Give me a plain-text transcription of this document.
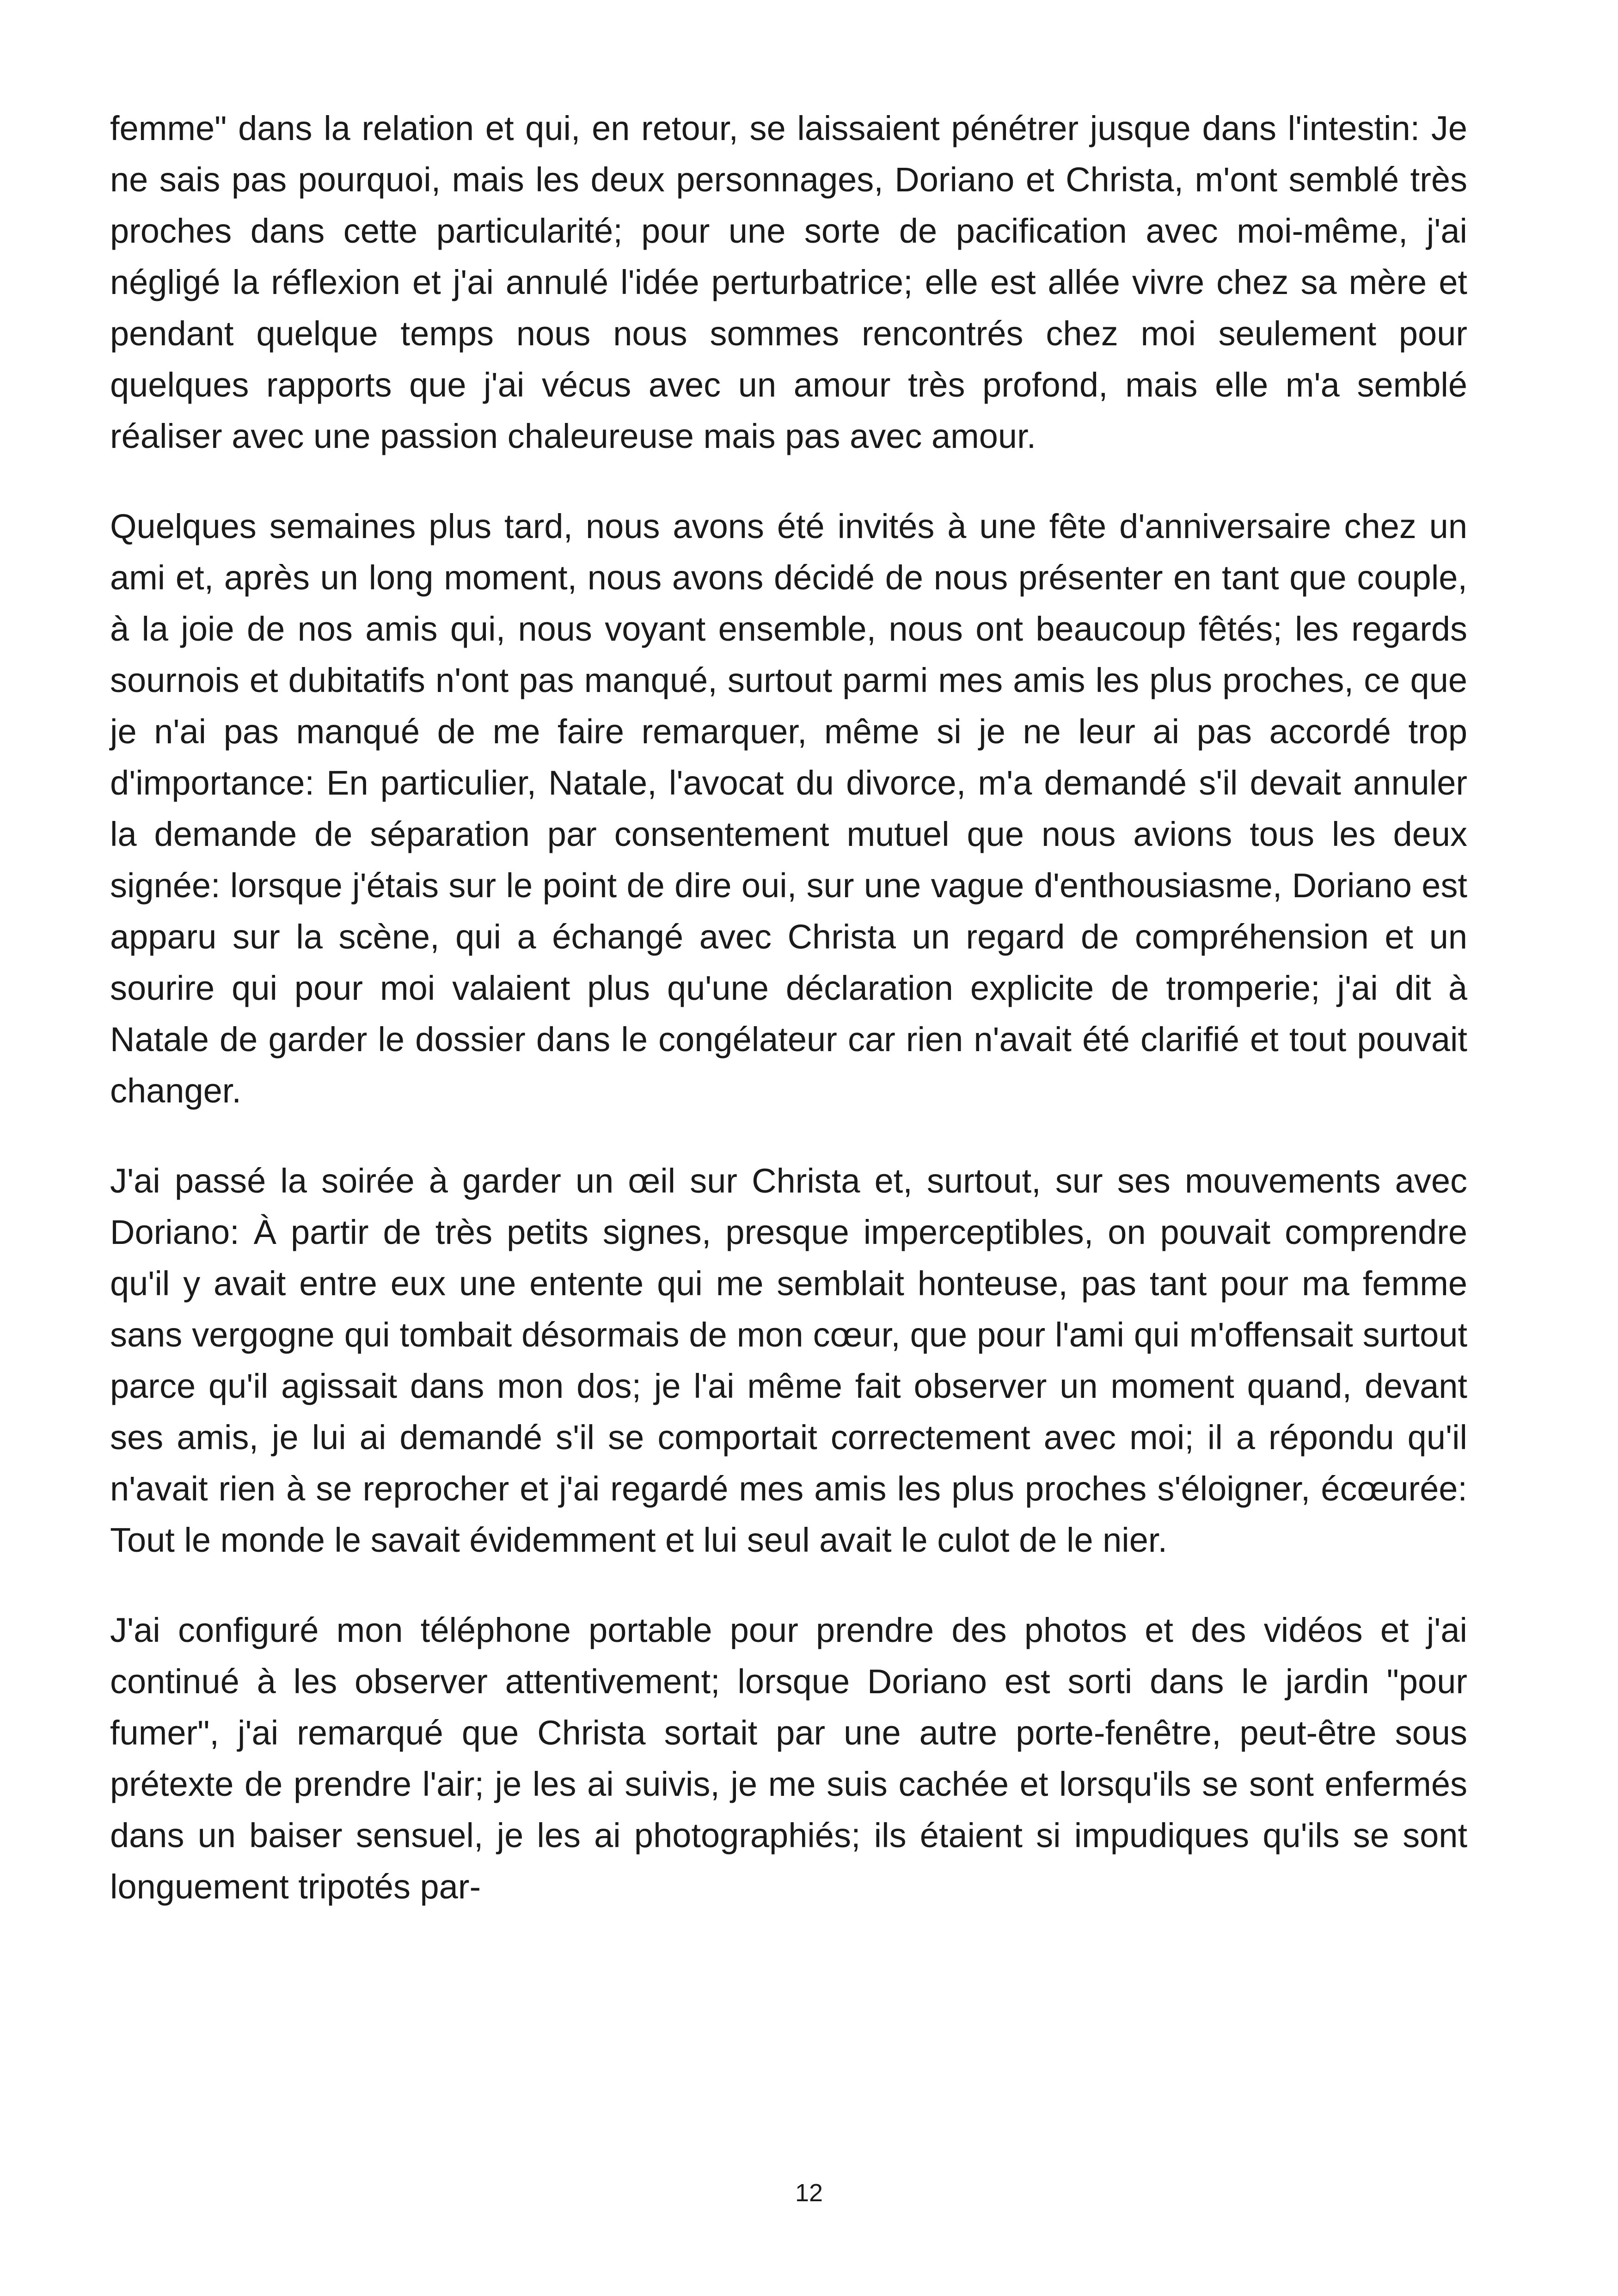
femme" dans la relation et qui, en retour, se laissaient pénétrer jusque dans l'intestin: Je ne sais pas pourquoi, mais les deux personnages, Doriano et Christa, m'ont semblé très proches dans cette particularité; pour une sorte de pacification avec moi-même, j'ai négligé la réflexion et j'ai annulé l'idée perturbatrice; elle est allée vivre chez sa mère et pendant quelque temps nous nous sommes rencontrés chez moi seulement pour quelques rapports que j'ai vécus avec un amour très profond, mais elle m'a semblé réaliser avec une passion chaleureuse mais pas avec amour.

Quelques semaines plus tard, nous avons été invités à une fête d'anniversaire chez un ami et, après un long moment, nous avons décidé de nous présenter en tant que couple, à la joie de nos amis qui, nous voyant ensemble, nous ont beaucoup fêtés; les regards sournois et dubitatifs n'ont pas manqué, surtout parmi mes amis les plus proches, ce que je n'ai pas manqué de me faire remarquer, même si je ne leur ai pas accordé trop d'importance: En particulier, Natale, l'avocat du divorce, m'a demandé s'il devait annuler la demande de séparation par consentement mutuel que nous avions tous les deux signée: lorsque j'étais sur le point de dire oui, sur une vague d'enthousiasme, Doriano est apparu sur la scène, qui a échangé avec Christa un regard de compréhension et un sourire qui pour moi valaient plus qu'une déclaration explicite de tromperie; j'ai dit à Natale de garder le dossier dans le congélateur car rien n'avait été clarifié et tout pouvait changer.

J'ai passé la soirée à garder un œil sur Christa et, surtout, sur ses mouvements avec Doriano: À partir de très petits signes, presque imperceptibles, on pouvait comprendre qu'il y avait entre eux une entente qui me semblait honteuse, pas tant pour ma femme sans vergogne qui tombait désormais de mon cœur, que pour l'ami qui m'offensait surtout parce qu'il agissait dans mon dos; je l'ai même fait observer un moment quand, devant ses amis, je lui ai demandé s'il se comportait correctement avec moi; il a répondu qu'il n'avait rien à se reprocher et j'ai regardé mes amis les plus proches s'éloigner, écœurée: Tout le monde le savait évidemment et lui seul avait le culot de le nier.

J'ai configuré mon téléphone portable pour prendre des photos et des vidéos et j'ai continué à les observer attentivement; lorsque Doriano est sorti dans le jardin "pour fumer", j'ai remarqué que Christa sortait par une autre porte-fenêtre, peut-être sous prétexte de prendre l'air; je les ai suivis, je me suis cachée et lorsqu'ils se sont enfermés dans un baiser sensuel, je les ai photographiés; ils étaient si impudiques qu'ils se sont longuement tripotés par-

12
